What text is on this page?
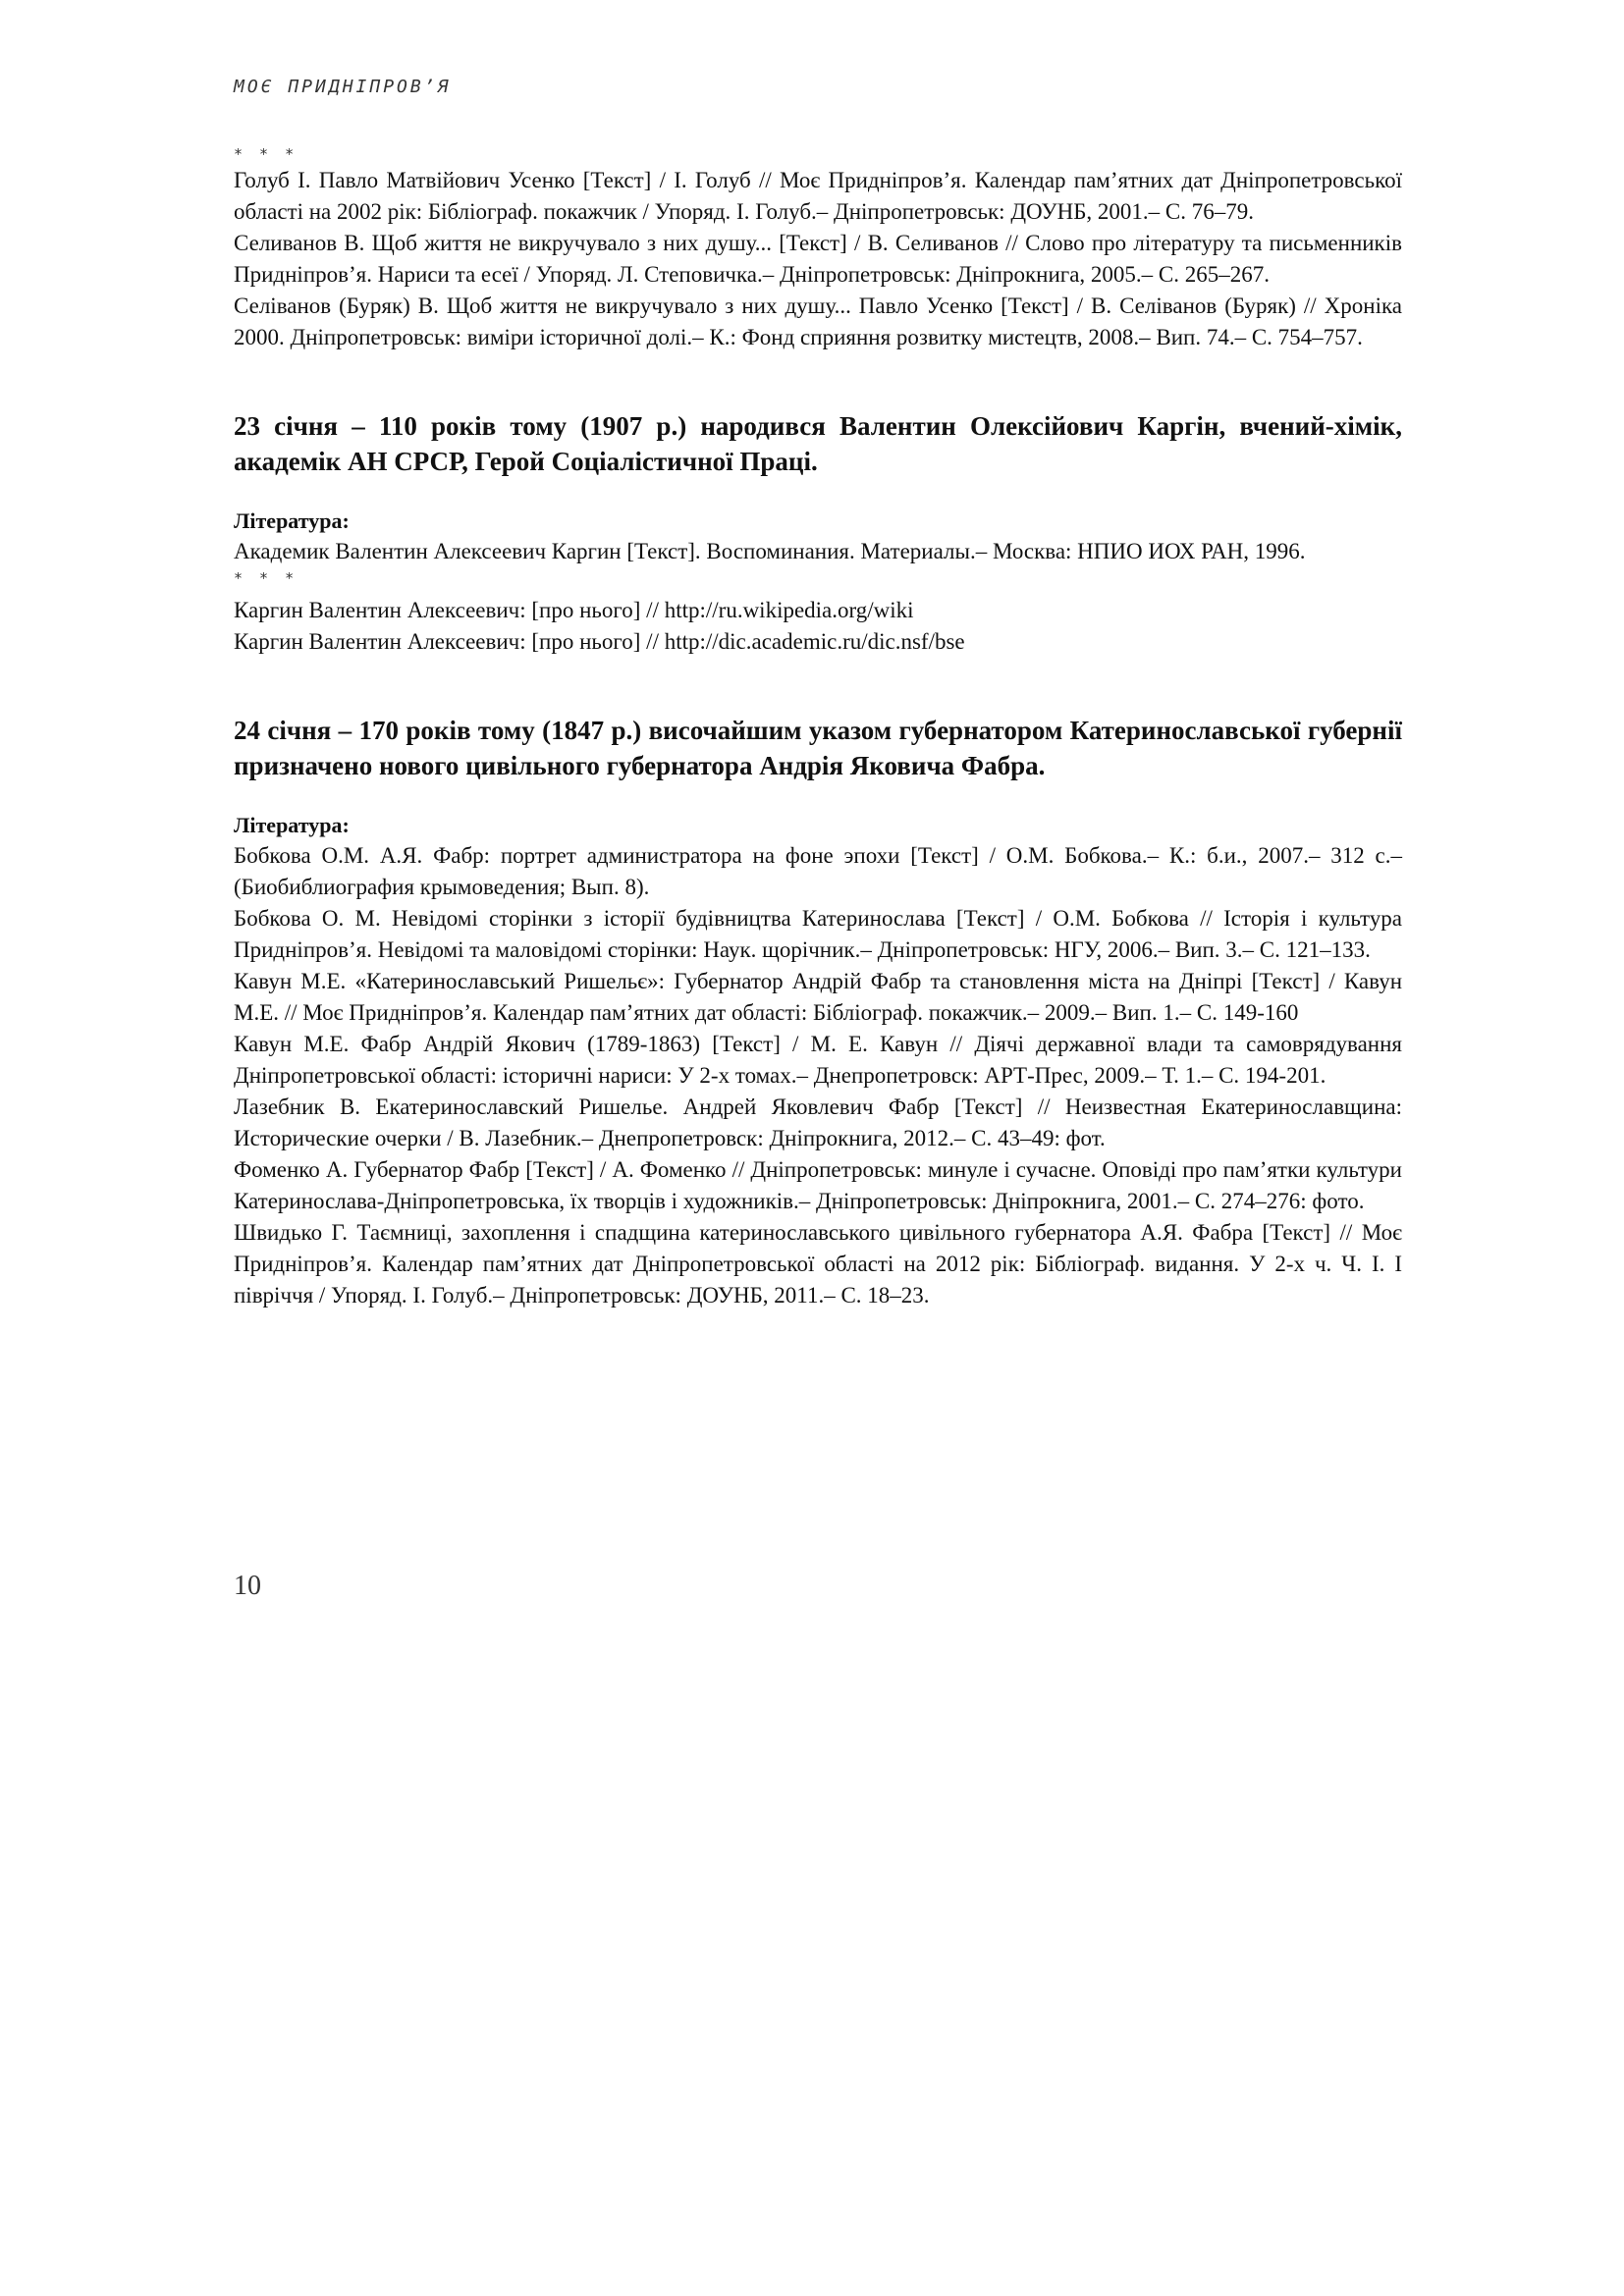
МОЄ ПРИДНІПРОВ’Я

* * *

Голуб І. Павло Матвійович Усенко [Текст] / І. Голуб // Моє Придніпров’я. Календар пам’ятних дат Дніпропетровської області на 2002 рік: Бібліограф. покажчик / Упоряд. І. Голуб.– Дніпропетровськ: ДОУНБ, 2001.– С. 76–79.

Селиванов В. Щоб життя не викручувало з них душу... [Текст] / В. Селиванов // Слово про літературу та письменників Придніпров’я. Нариси та есеї / Упоряд. Л. Степовичка.– Дніпропетровськ: Дніпрокнига, 2005.– С. 265–267.

Селіванов (Буряк) В. Щоб життя не викручувало з них душу... Павло Усенко [Текст] / В. Селіванов (Буряк) // Хроніка 2000. Дніпропетровськ: виміри історичної долі.– К.: Фонд сприяння розвитку мистецтв, 2008.– Вип. 74.– С. 754–757.

23 січня – 110 років тому (1907 р.) народився Валентин Олексійович Каргін, вчений-хімік, академік АН СРСР, Герой Соціалістичної Праці.

Література:

Академик Валентин Алексеевич Каргин [Текст]. Воспоминания. Материалы.– Москва: НПИО ИОХ РАН, 1996.

* * *

Каргин Валентин Алексеевич: [про нього] // http://ru.wikipedia.org/wiki

Каргин Валентин Алексеевич: [про нього] // http://dic.academic.ru/dic.nsf/bse

24 січня – 170 років тому (1847 р.) височайшим указом губернатором Катеринославської губернії призначено нового цивільного губернатора Андрія Яковича Фабра.

Література:

Бобкова О.М. А.Я. Фабр: портрет администратора на фоне эпохи [Текст] / О.М. Бобкова.– К.: б.и., 2007.– 312 с.– (Биобиблиография крымоведения; Вып. 8).

Бобкова О. М. Невідомі сторінки з історії будівництва Катеринослава [Текст] / О.М. Бобкова // Історія і культура Придніпров’я. Невідомі та маловідомі сторінки: Наук. щорічник.– Дніпропетровськ: НГУ, 2006.– Вип. 3.– С. 121–133.

Кавун М.Е. «Катеринославський Ришельє»: Губернатор Андрій Фабр та становлення міста на Дніпрі [Текст] / Кавун М.Е. // Моє Придніпров’я. Календар пам’ятних дат області: Бібліограф. покажчик.– 2009.– Вип. 1.– С. 149-160

Кавун М.Е. Фабр Андрій Якович (1789-1863) [Текст] / М. Е. Кавун // Діячі державної влади та самоврядування Дніпропетровської області: історичні нариси: У 2-х томах.– Днепропетровск: АРТ-Прес, 2009.– Т. 1.– С. 194-201.

Лазебник В. Екатеринославский Ришелье. Андрей Яковлевич Фабр [Текст] // Неизвестная Екатеринославщина: Исторические очерки / В. Лазебник.– Днепропетровск: Дніпрокнига, 2012.– С. 43–49: фот.

Фоменко А. Губернатор Фабр [Текст] / А. Фоменко // Дніпропетровськ: минуле і сучасне. Оповіді про пам’ятки культури Катеринослава-Дніпропетровська, їх творців і художників.– Дніпропетровськ: Дніпрокнига, 2001.– С. 274–276: фото.

Швидько Г. Таємниці, захоплення і спадщина катеринославського цивільного губернатора А.Я. Фабра [Текст] // Моє Придніпров’я. Календар пам’ятних дат Дніпропетровської області на 2012 рік: Бібліограф. видання. У 2-х ч. Ч. І. І півріччя / Упоряд. І. Голуб.– Дніпропетровськ: ДОУНБ, 2011.– С. 18–23.

10
